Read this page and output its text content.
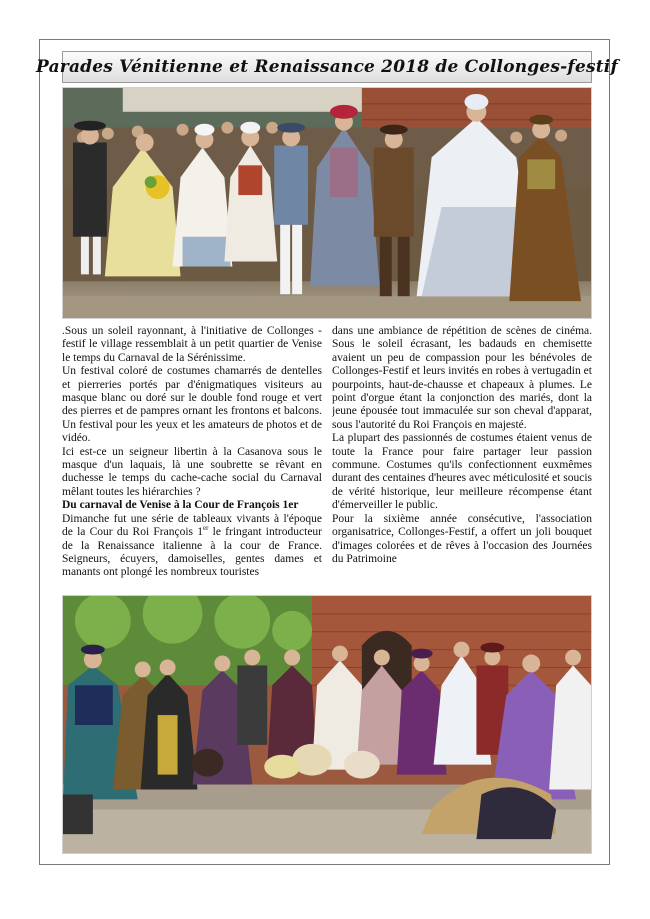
Parades Vénitienne et Renaissance 2018 de Collonges-festif

.Sous un soleil rayonnant, à l'initiative de Collonges -festif le village ressemblait à un petit quartier de Venise le temps du Carnaval de la Sérénissime.

Un festival coloré de costumes chamarrés de dentelles et pierreries portés par d'énigmatiques visiteurs au masque blanc ou doré sur le double fond rouge et vert des pierres et de pampres ornant les frontons et balcons. Un festival pour les yeux et les amateurs de photos et de vidéo.

Ici est-ce un seigneur libertin à la Casanova sous le masque d'un laquais, là une soubrette se rêvant en duchesse le temps du cache-cache social du Carnaval mêlant toutes les hiérarchies ?

Du carnaval de Venise à la Cour de François 1er

Dimanche fut une série de tableaux vivants à l'époque de la Cour du Roi François 1er le fringant introducteur de la Renaissance italienne à la cour de France. Seigneurs, écuyers, damoiselles, gentes dames et manants ont plongé les nombreux touristes

dans une ambiance de répétition de scènes de cinéma. Sous le soleil écrasant, les badauds en chemisette avaient un peu de compassion pour les bénévoles de Collonges-Festif et leurs invités en robes à vertugadin et pourpoints, haut-de-chausse et chapeaux à plumes. Le point d'orgue étant la conjonction des mariés, dont la jeune épousée tout immaculée sur son cheval d'apparat, sous l'autorité du Roi François en majesté.

La plupart des passionnés de costumes étaient venus de toute la France pour faire partager leur passion commune. Costumes qu'ils confectionnent euxmêmes durant des centaines d'heures avec méticulosité et soucis de vérité historique, leur meilleure récompense étant d'émerveiller le public.

Pour la sixième année consécutive, l'association organisatrice, Collonges-Festif, a offert un joli bouquet d'images colorées et de rêves à l'occasion des Journées du Patrimoine
